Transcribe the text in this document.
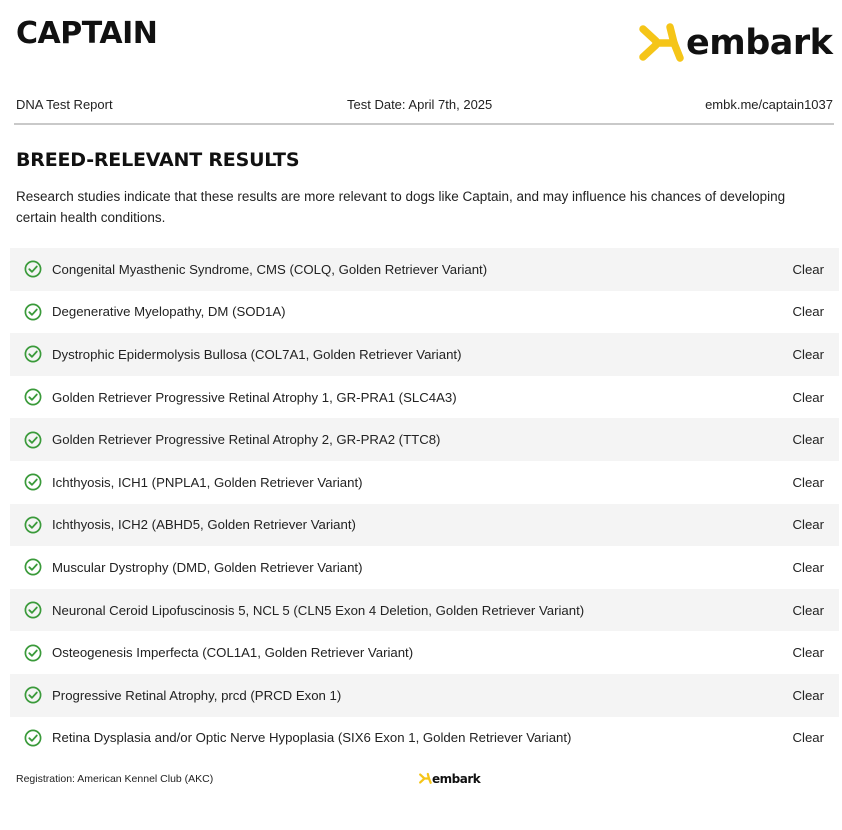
CAPTAIN	embark
DNA Test Report	Test Date: April 7th, 2025	embk.me/captain1037
BREED-RELEVANT RESULTS

Research studies indicate that these results are more relevant to dogs like Captain, and may influence his chances of developing certain health conditions.

Congenital Myasthenic Syndrome, CMS (COLQ, Golden Retriever Variant)	Clear
Degenerative Myelopathy, DM (SOD1A)	Clear
Dystrophic Epidermolysis Bullosa (COL7A1, Golden Retriever Variant)	Clear
Golden Retriever Progressive Retinal Atrophy 1, GR-PRA1 (SLC4A3)	Clear
Golden Retriever Progressive Retinal Atrophy 2, GR-PRA2 (TTC8)	Clear
Ichthyosis, ICH1 (PNPLA1, Golden Retriever Variant)	Clear
Ichthyosis, ICH2 (ABHD5, Golden Retriever Variant)	Clear
Muscular Dystrophy (DMD, Golden Retriever Variant)	Clear
Neuronal Ceroid Lipofuscinosis 5, NCL 5 (CLN5 Exon 4 Deletion, Golden Retriever Variant)	Clear
Osteogenesis Imperfecta (COL1A1, Golden Retriever Variant)	Clear
Progressive Retinal Atrophy, prcd (PRCD Exon 1)	Clear
Retina Dysplasia and/or Optic Nerve Hypoplasia (SIX6 Exon 1, Golden Retriever Variant)	Clear
Registration: American Kennel Club (AKC)	embark
